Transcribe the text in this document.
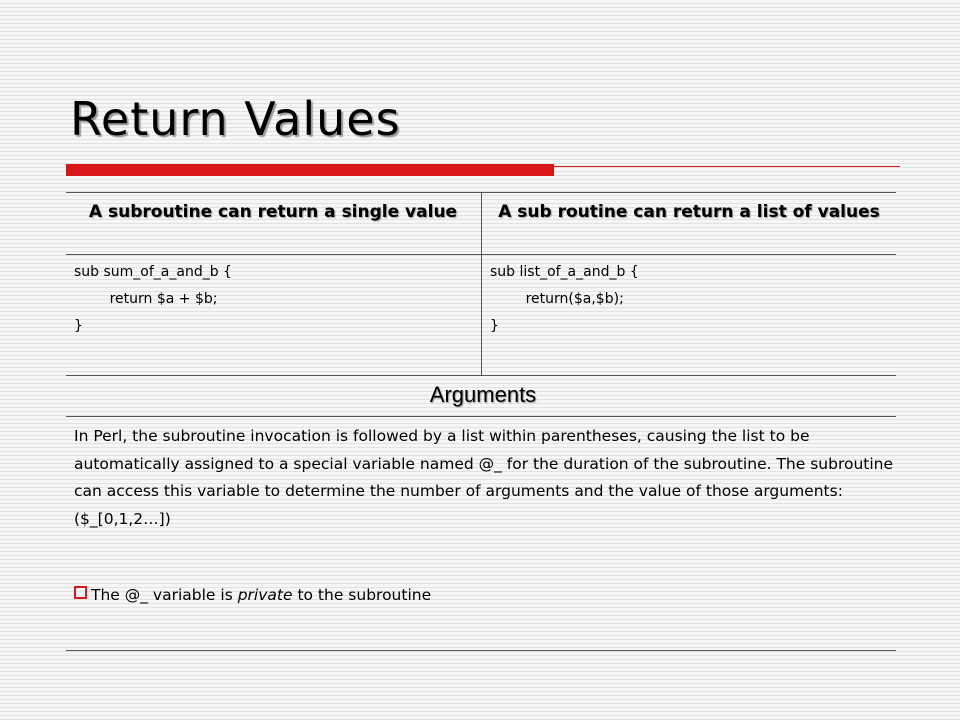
Return Values
A subroutine can return a single value	A sub routine can return a list of values
sub sum_of_a_and_b {
return $a + $b;
}
sub list_of_a_and_b {
return($a,$b);
}
Arguments

In Perl, the subroutine invocation is followed by a list within parentheses, causing the list to be automatically assigned to a special variable named @_ for the duration of the subroutine. The subroutine can access this variable to determine the number of arguments and the value of those arguments:
($_[0,1,2…])

The @_ variable is private to the subroutine
